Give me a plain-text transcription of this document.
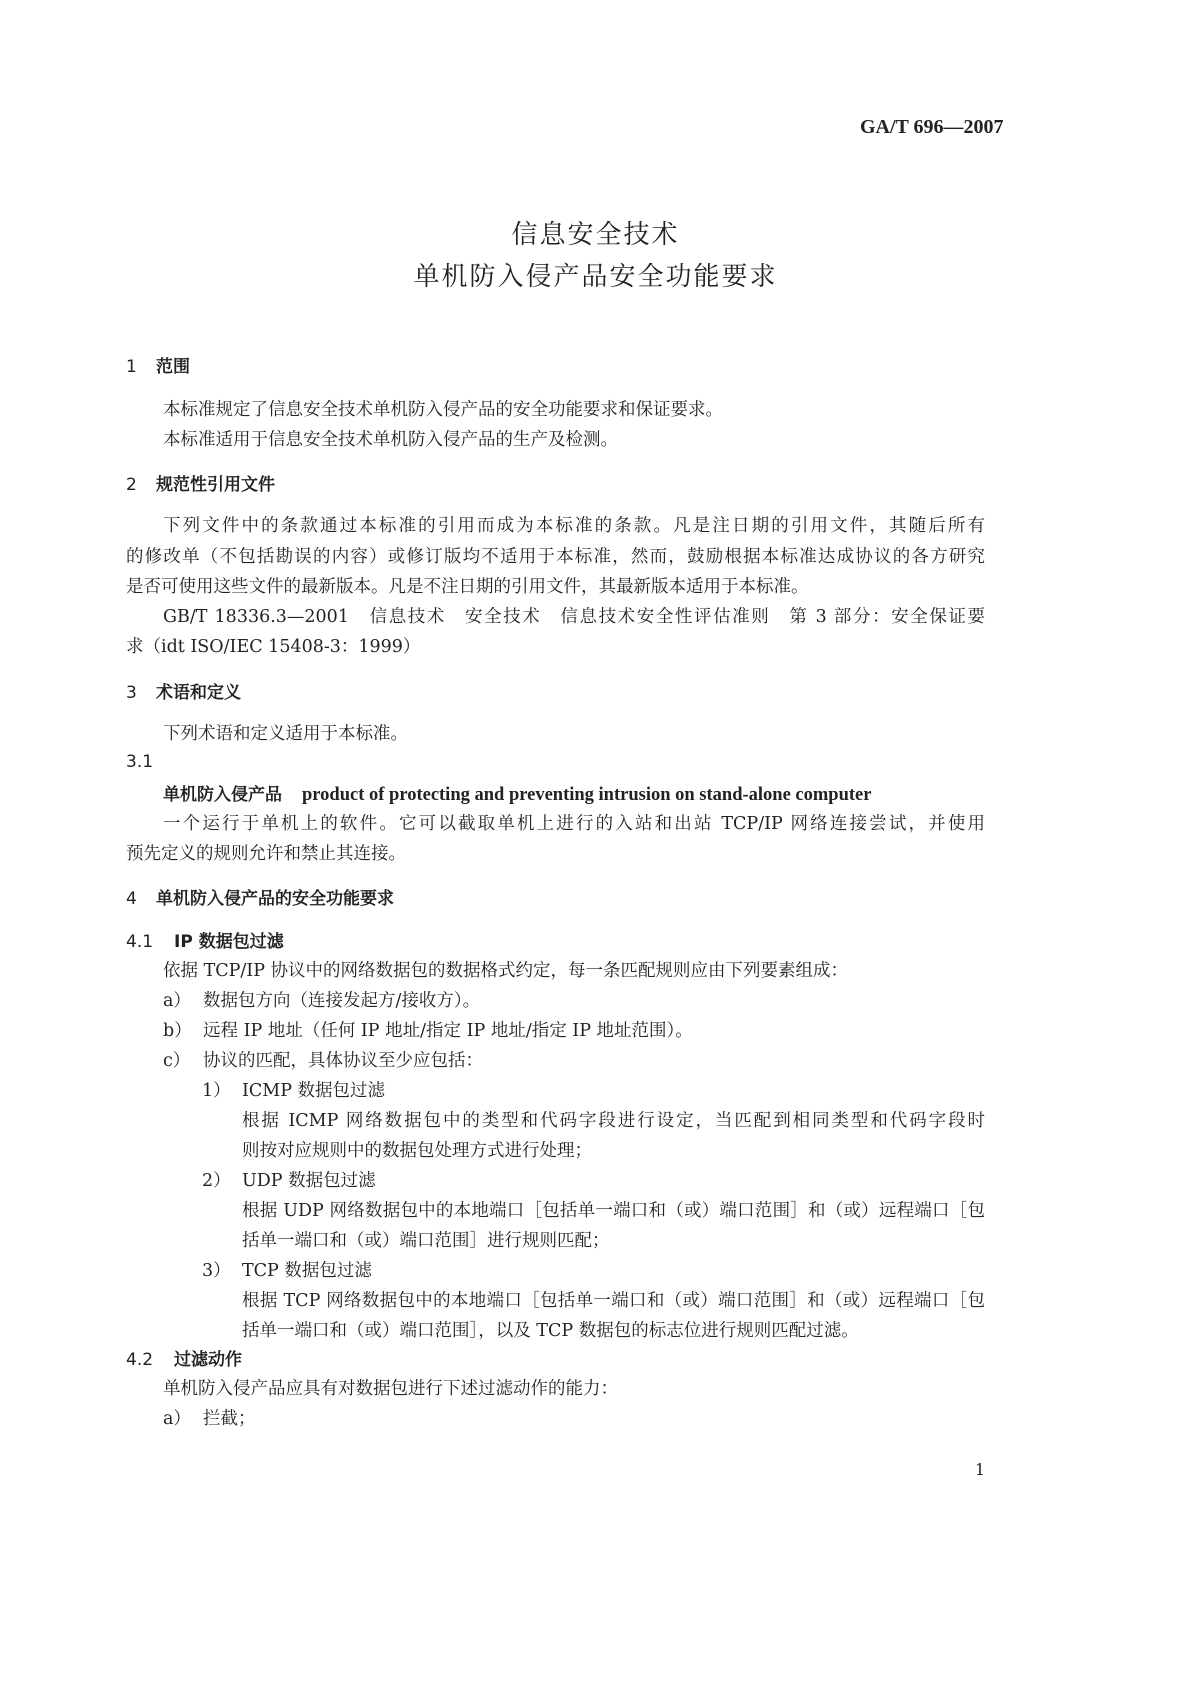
GA/T 696—2007
信息安全技术
单机防入侵产品安全功能要求
1 范围
本标准规定了信息安全技术单机防入侵产品的安全功能要求和保证要求。
本标准适用于信息安全技术单机防入侵产品的生产及检测。
2 规范性引用文件
下列文件中的条款通过本标准的引用而成为本标准的条款。凡是注日期的引用文件，其随后所有
的修改单（不包括勘误的内容）或修订版均不适用于本标准，然而，鼓励根据本标准达成协议的各方研究
是否可使用这些文件的最新版本。凡是不注日期的引用文件，其最新版本适用于本标准。
GB/T 18336.3—2001　信息技术　安全技术　信息技术安全性评估准则　第 3 部分：安全保证要
求（idt ISO/IEC 15408-3：1999）
3 术语和定义
下列术语和定义适用于本标准。
3.1
单机防入侵产品 product of protecting and preventing intrusion on stand-alone computer
一个运行于单机上的软件。它可以截取单机上进行的入站和出站 TCP/IP 网络连接尝试，并使用
预先定义的规则允许和禁止其连接。
4 单机防入侵产品的安全功能要求
4.1 IP 数据包过滤
依据 TCP/IP 协议中的网络数据包的数据格式约定，每一条匹配规则应由下列要素组成：
a） 数据包方向（连接发起方/接收方）。
b） 远程 IP 地址（任何 IP 地址/指定 IP 地址/指定 IP 地址范围）。
c） 协议的匹配，具体协议至少应包括：
1） ICMP 数据包过滤
根据 ICMP 网络数据包中的类型和代码字段进行设定，当匹配到相同类型和代码字段时
则按对应规则中的数据包处理方式进行处理；
2） UDP 数据包过滤
根据 UDP 网络数据包中的本地端口［包括单一端口和（或）端口范围］和（或）远程端口［包
括单一端口和（或）端口范围］进行规则匹配；
3） TCP 数据包过滤
根据 TCP 网络数据包中的本地端口［包括单一端口和（或）端口范围］和（或）远程端口［包
括单一端口和（或）端口范围］，以及 TCP 数据包的标志位进行规则匹配过滤。
4.2 过滤动作
单机防入侵产品应具有对数据包进行下述过滤动作的能力：
a） 拦截；
1
